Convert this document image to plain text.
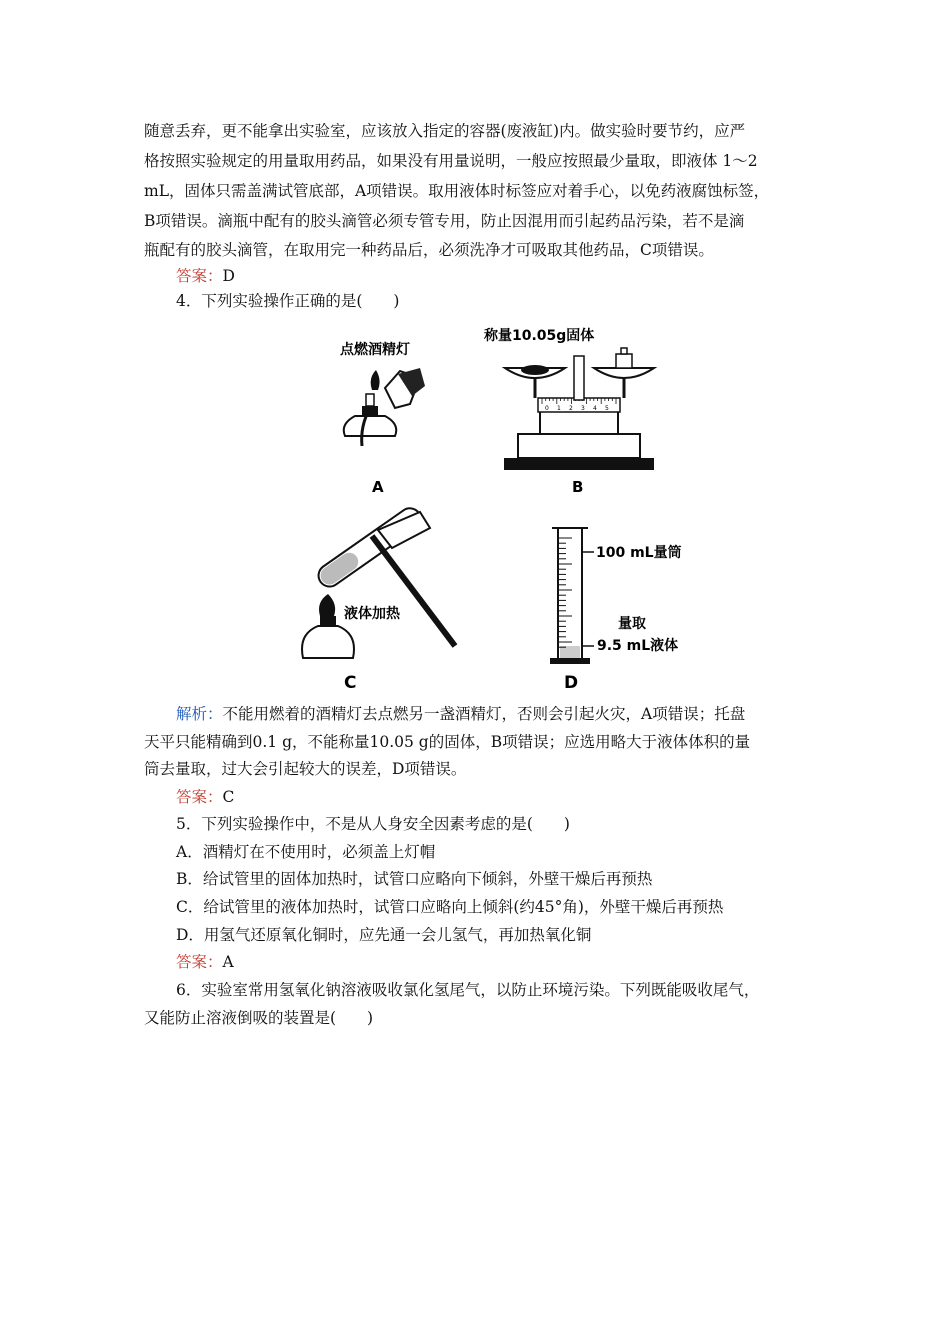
随意丢弃，更不能拿出实验室，应该放入指定的容器(废液缸)内。做实验时要节约，应严
格按照实验规定的用量取用药品，如果没有用量说明，一般应按照最少量取，即液体 1～2
mL，固体只需盖满试管底部，A项错误。取用液体时标签应对着手心，以免药液腐蚀标签，
B项错误。滴瓶中配有的胶头滴管必须专管专用，防止因混用而引起药品污染，若不是滴
瓶配有的胶头滴管，在取用完一种药品后，必须洗净才可吸取其他药品，C项错误。
答案：D
4．下列实验操作正确的是(　　)
点燃酒精灯
A
称量10.05g固体
0 1 2 3 4 5
B
液体加热
C
100 mL量筒
量取
9.5 mL液体
D
解析：不能用燃着的酒精灯去点燃另一盏酒精灯，否则会引起火灾，A项错误；托盘
天平只能精确到0.1 g，不能称量10.05 g的固体，B项错误；应选用略大于液体体积的量
筒去量取，过大会引起较大的误差，D项错误。
答案：C
5．下列实验操作中，不是从人身安全因素考虑的是(　　)
A．酒精灯在不使用时，必须盖上灯帽
B．给试管里的固体加热时，试管口应略向下倾斜，外壁干燥后再预热
C．给试管里的液体加热时，试管口应略向上倾斜(约45°角)，外壁干燥后再预热
D．用氢气还原氧化铜时，应先通一会儿氢气，再加热氧化铜
答案：A
6．实验室常用氢氧化钠溶液吸收氯化氢尾气，以防止环境污染。下列既能吸收尾气，
又能防止溶液倒吸的装置是(　　)
